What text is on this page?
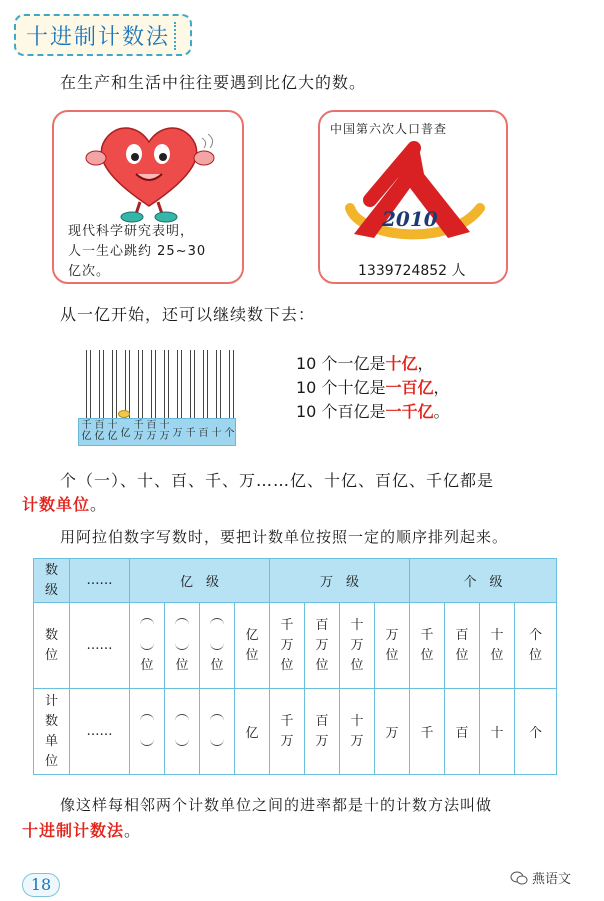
十进制计数法
在生产和生活中往往要遇到比亿大的数。
现代科学研究表明，
人一生心跳约 25~30
亿次。
中国第六次人口普查
2010
1339724852 人
从一亿开始，还可以继续数下去：
千
亿
百
亿
十
亿 亿
千
万
百
万
十
万 万 千 百 十 个
10 个一亿是十亿，
10 个十亿是一百亿，
10 个百亿是一千亿。
个（一）、十、百、千、万……亿、十亿、百亿、千亿都是
计数单位。
用阿拉伯数字写数时，要把计数单位按照一定的顺序排列起来。
数级	……	亿　级				万　级				个　级			

数位	……	位	位	位	亿位	千万位	百万位	十万位	万位	千位	百位	十位	个位

计数单位	……				亿	千万	百万	十万	万	千	百	十	个
像这样每相邻两个计数单位之间的进率都是十的计数方法叫做
十进制计数法。
18	燕语文
